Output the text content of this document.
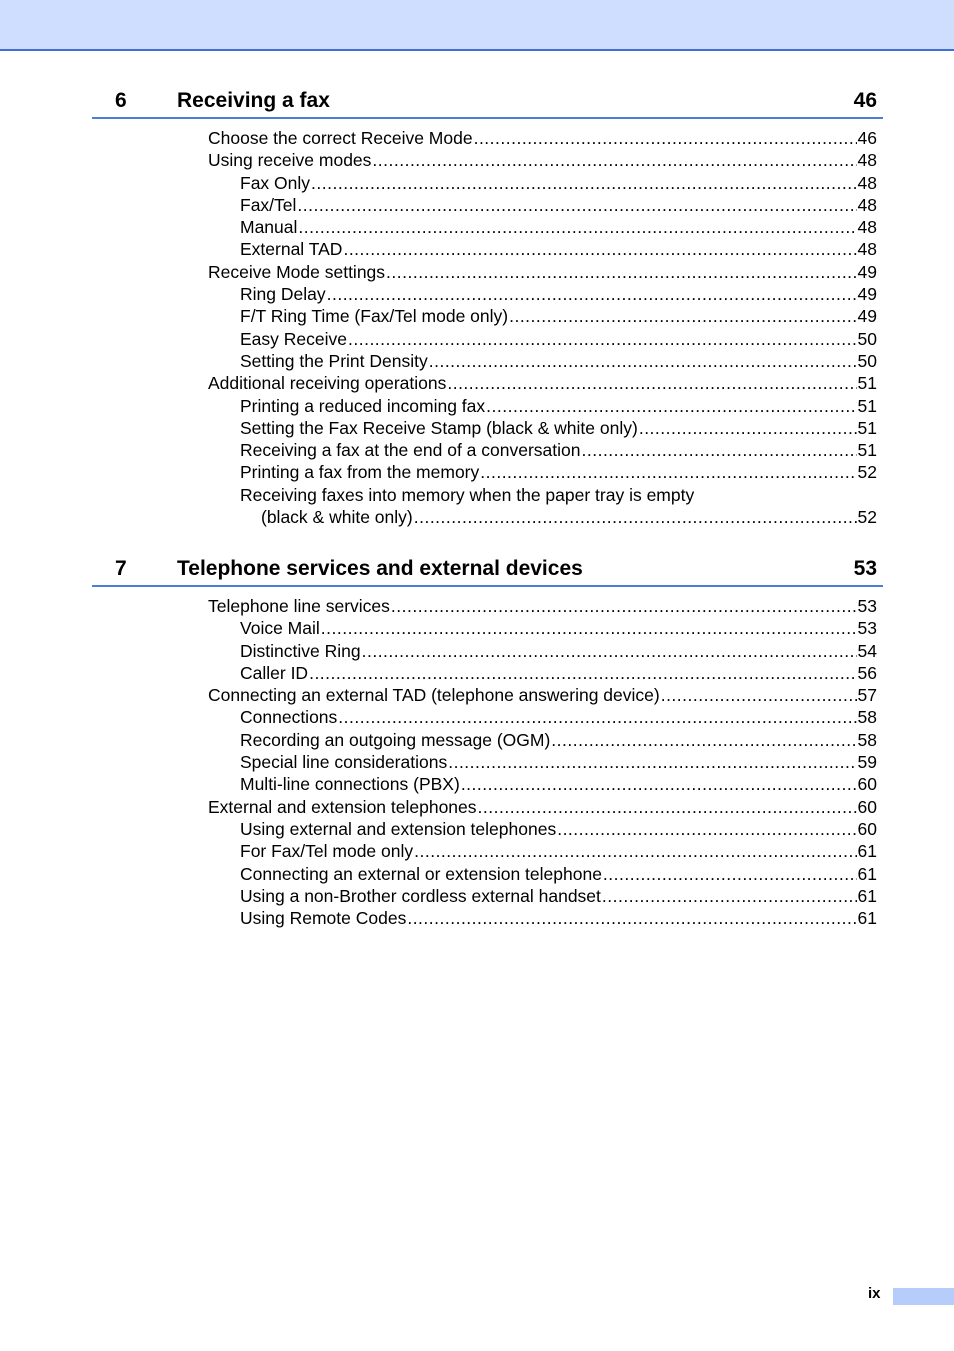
6 Receiving a fax	46
Choose the correct Receive Mode .....	46
Using receive modes .....	48
Fax Only .....	48
Fax/Tel .....	48
Manual .....	48
External TAD .....	48
Receive Mode settings .....	49
Ring Delay .....	49
F/T Ring Time (Fax/Tel mode only) .....	49
Easy Receive .....	50
Setting the Print Density .....	50
Additional receiving operations .....	51
Printing a reduced incoming fax .....	51
Setting the Fax Receive Stamp (black & white only) .....	51
Receiving a fax at the end of a conversation .....	51
Printing a fax from the memory .....	52
Receiving faxes into memory when the paper tray is empty
(black & white only) .....	52
7 Telephone services and external devices	53
Telephone line services .....	53
Voice Mail .....	53
Distinctive Ring .....	54
Caller ID .....	56
Connecting an external TAD (telephone answering device) .....	57
Connections .....	58
Recording an outgoing message (OGM) .....	58
Special line considerations .....	59
Multi-line connections (PBX) .....	60
External and extension telephones .....	60
Using external and extension telephones .....	60
For Fax/Tel mode only .....	61
Connecting an external or extension telephone .....	61
Using a non-Brother cordless external handset .....	61
Using Remote Codes .....	61
ix
